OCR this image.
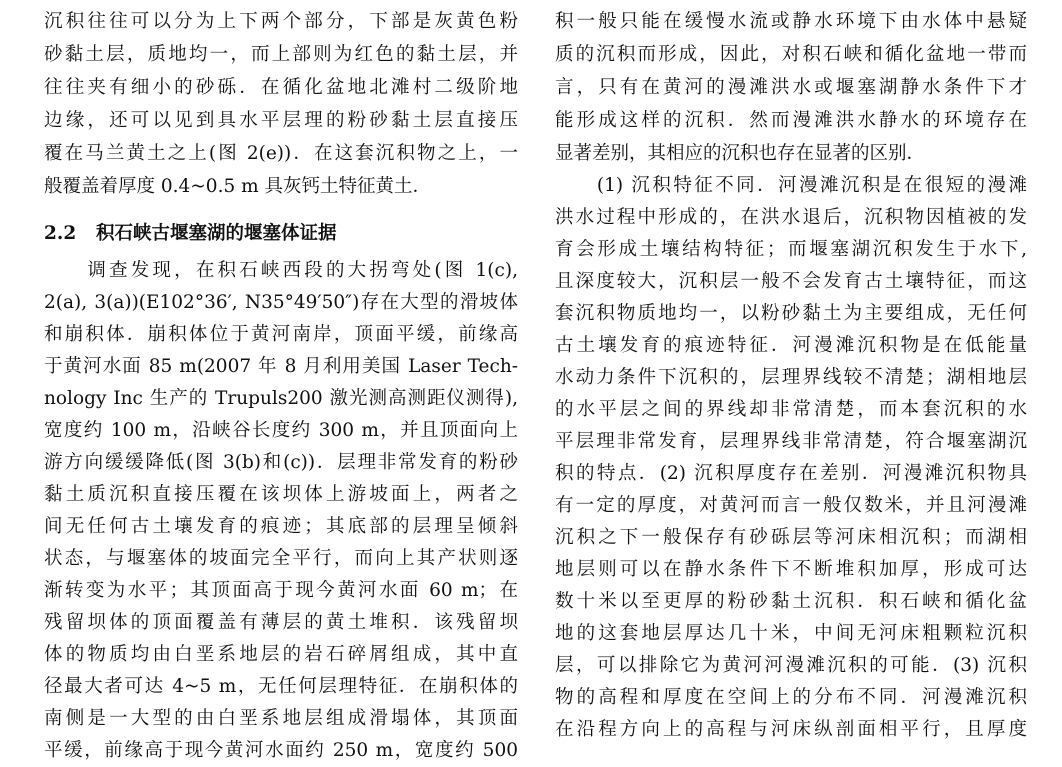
沉积往往可以分为上下两个部分，下部是灰黄色粉
砂黏土层，质地均一，而上部则为红色的黏土层，并
往往夹有细小的砂砾．在循化盆地北滩村二级阶地
边缘，还可以见到具水平层理的粉砂黏土层直接压
覆在马兰黄土之上(图 2(e))．在这套沉积物之上，一
般覆盖着厚度 0.4~0.5 m 具灰钙土特征黄土．
2.2 积石峡古堰塞湖的堰塞体证据
　　调查发现，在积石峡西段的大拐弯处(图 1(c),
2(a), 3(a))(E102°36′, N35°49′50″)存在大型的滑坡体
和崩积体．崩积体位于黄河南岸，顶面平缓，前缘高
于黄河水面 85 m(2007 年 8 月利用美国 Laser Tech-
nology Inc 生产的 Trupuls200 激光测高测距仪测得),
宽度约 100 m，沿峡谷长度约 300 m，并且顶面向上
游方向缓缓降低(图 3(b)和(c))．层理非常发育的粉砂
黏土质沉积直接压覆在该坝体上游坡面上，两者之
间无任何古土壤发育的痕迹；其底部的层理呈倾斜
状态，与堰塞体的坡面完全平行，而向上其产状则逐
渐转变为水平；其顶面高于现今黄河水面 60 m；在
残留坝体的顶面覆盖有薄层的黄土堆积．该残留坝
体的物质均由白垩系地层的岩石碎屑组成，其中直
径最大者可达 4~5 m，无任何层理特征．在崩积体的
南侧是一大型的由白垩系地层组成滑塌体，其顶面
平缓，前缘高于现今黄河水面约 250 m，宽度约 500
积一般只能在缓慢水流或静水环境下由水体中悬疑
质的沉积而形成，因此，对积石峡和循化盆地一带而
言，只有在黄河的漫滩洪水或堰塞湖静水条件下才
能形成这样的沉积．然而漫滩洪水静水的环境存在
显著差别，其相应的沉积也存在显著的区别．
　　(1) 沉积特征不同．河漫滩沉积是在很短的漫滩
洪水过程中形成的，在洪水退后，沉积物因植被的发
育会形成土壤结构特征；而堰塞湖沉积发生于水下,
且深度较大，沉积层一般不会发育古土壤特征，而这
套沉积物质地均一，以粉砂黏土为主要组成，无任何
古土壤发育的痕迹特征．河漫滩沉积物是在低能量
水动力条件下沉积的，层理界线较不清楚；湖相地层
的水平层之间的界线却非常清楚，而本套沉积的水
平层理非常发育，层理界线非常清楚，符合堰塞湖沉
积的特点．(2) 沉积厚度存在差别．河漫滩沉积物具
有一定的厚度，对黄河而言一般仅数米，并且河漫滩
沉积之下一般保存有砂砾层等河床相沉积；而湖相
地层则可以在静水条件下不断堆积加厚，形成可达
数十米以至更厚的粉砂黏土沉积．积石峡和循化盆
地的这套地层厚达几十米，中间无河床粗颗粒沉积
层，可以排除它为黄河河漫滩沉积的可能．(3) 沉积
物的高程和厚度在空间上的分布不同．河漫滩沉积
在沿程方向上的高程与河床纵剖面相平行，且厚度
